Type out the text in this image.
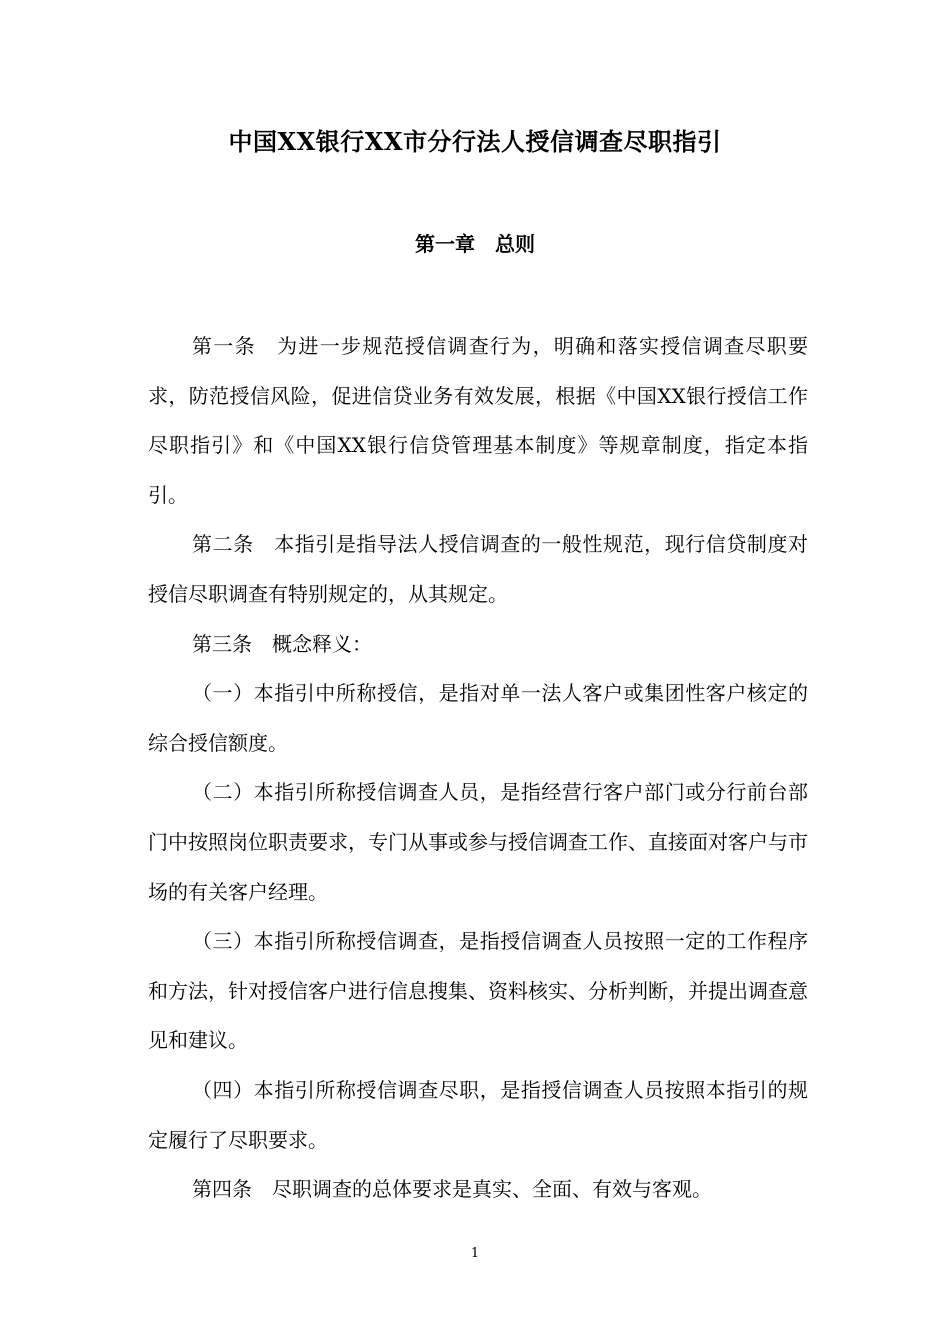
中国XX银行XX市分行法人授信调查尽职指引
第一章　总则

第一条　为进一步规范授信调查行为，明确和落实授信调查尽职要求，防范授信风险，促进信贷业务有效发展，根据《中国XX银行授信工作尽职指引》和《中国XX银行信贷管理基本制度》等规章制度，指定本指引。

第二条　本指引是指导法人授信调查的一般性规范，现行信贷制度对授信尽职调查有特别规定的，从其规定。

第三条　概念释义：

（一）本指引中所称授信，是指对单一法人客户或集团性客户核定的综合授信额度。

（二）本指引所称授信调查人员，是指经营行客户部门或分行前台部门中按照岗位职责要求，专门从事或参与授信调查工作、直接面对客户与市场的有关客户经理。

（三）本指引所称授信调查，是指授信调查人员按照一定的工作程序和方法，针对授信客户进行信息搜集、资料核实、分析判断，并提出调查意见和建议。

（四）本指引所称授信调查尽职，是指授信调查人员按照本指引的规定履行了尽职要求。

第四条　尽职调查的总体要求是真实、全面、有效与客观。

1
